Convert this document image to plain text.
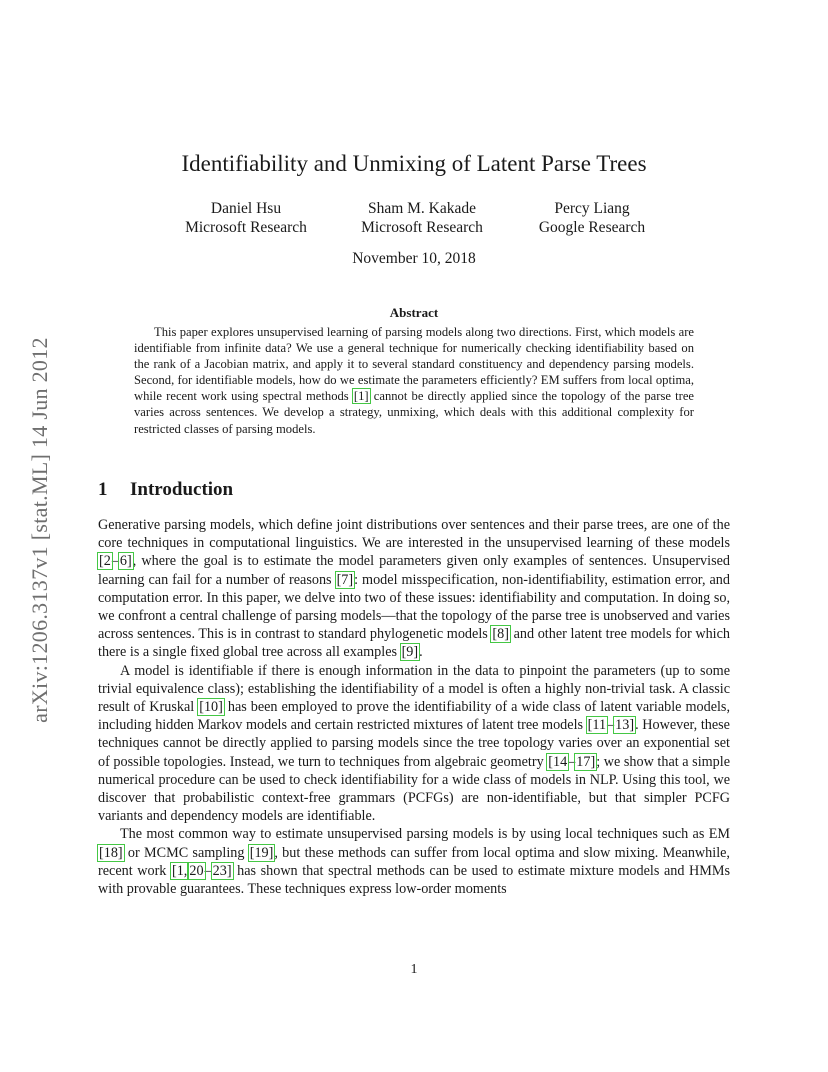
arXiv:1206.3137v1 [stat.ML] 14 Jun 2012
Identifiability and Unmixing of Latent Parse Trees
Daniel Hsu
Microsoft Research
Sham M. Kakade
Microsoft Research
Percy Liang
Google Research
November 10, 2018
Abstract
This paper explores unsupervised learning of parsing models along two directions. First, which models are identifiable from infinite data? We use a general technique for numerically checking identifiability based on the rank of a Jacobian matrix, and apply it to several standard constituency and dependency parsing models. Second, for identifiable models, how do we estimate the parameters efficiently? EM suffers from local optima, while recent work using spectral methods [1] cannot be directly applied since the topology of the parse tree varies across sentences. We develop a strategy, unmixing, which deals with this additional complexity for restricted classes of parsing models.
1 Introduction

Generative parsing models, which define joint distributions over sentences and their parse trees, are one of the core techniques in computational linguistics. We are interested in the unsupervised learning of these models [2–6], where the goal is to estimate the model parameters given only examples of sentences. Unsupervised learning can fail for a number of reasons [7]: model misspecification, non-identifiability, estimation error, and computation error. In this paper, we delve into two of these issues: identifiability and computation. In doing so, we confront a central challenge of parsing models—that the topology of the parse tree is unobserved and varies across sentences. This is in contrast to standard phylogenetic models [8] and other latent tree models for which there is a single fixed global tree across all examples [9].

A model is identifiable if there is enough information in the data to pinpoint the parameters (up to some trivial equivalence class); establishing the identifiability of a model is often a highly non-trivial task. A classic result of Kruskal [10] has been employed to prove the identifiability of a wide class of latent variable models, including hidden Markov models and certain restricted mixtures of latent tree models [11–13]. However, these techniques cannot be directly applied to parsing models since the tree topology varies over an exponential set of possible topologies. Instead, we turn to techniques from algebraic geometry [14–17]; we show that a simple numerical procedure can be used to check identifiability for a wide class of models in NLP. Using this tool, we discover that probabilistic context-free grammars (PCFGs) are non-identifiable, but that simpler PCFG variants and dependency models are identifiable.

The most common way to estimate unsupervised parsing models is by using local techniques such as EM [18] or MCMC sampling [19], but these methods can suffer from local optima and slow mixing. Meanwhile, recent work [1, 20–23] has shown that spectral methods can be used to estimate mixture models and HMMs with provable guarantees. These techniques express low-order moments

1
